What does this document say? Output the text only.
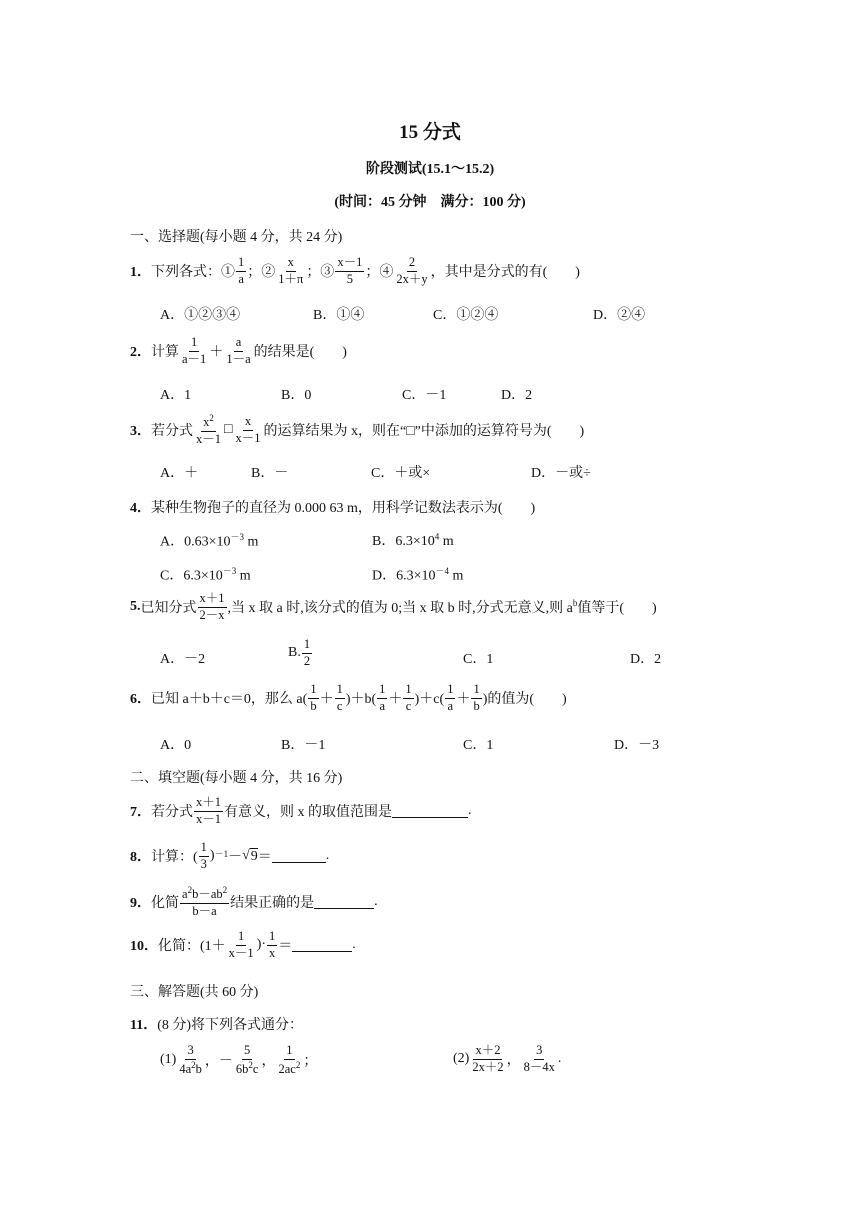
15 分式
阶段测试(15.1～15.2)
(时间：45 分钟　满分：100 分)
一、选择题(每小题 4 分，共 24 分)
1． 下列各式：① $\frac{1}{a}$ ；② $\frac{x}{1+\pi}$ ；③ $\frac{x-1}{5}$ ；④ $\frac{2}{2x+y}$ ，其中是分式的有(　　)
A．①②③④	B．①④	C．①②④	D．②④
2． 计算 $\frac{1}{a-1} + \frac{a}{1-a}$ 的结果是(　　)
A．1	B．0	C．－1	D．2
3． 若分式 $\frac{x^2}{x-1}$ □ $\frac{x}{x-1}$ 的运算结果为 x，则在“□”中添加的运算符号为(　　)
A．＋	B．－	C．＋或×	D．－或÷
4．某种生物孢子的直径为 0.000 63 m，用科学记数法表示为(　　)
A．$0.63\times 10^{-3}$ m	B．$6.3\times 10^4$ m
C．$6.3\times 10^{-3}$ m	D．$6.3\times 10^{-4}$ m
5. 已知分式 $\frac{x+1}{2-x}$ ,当 x 取 a 时,该分式的值为 0;当 x 取 b 时,分式无意义,则 $a^b$ 值等于(　　)
A．－2	B. $\frac{1}{2}$	C．1	D．2
6． 已知 a＋b＋c＝0，那么 $a( \frac{1}{b} + \frac{1}{c} )+b( \frac{1}{a} + \frac{1}{c} )+c( \frac{1}{a} + \frac{1}{b}$ )的值为(　　)
A．0	B．－1	C．1	D．－3
二、填空题(每小题 4 分，共 16 分)
7． 若分式 $\frac{x+1}{x-1}$ 有意义，则 x 的取值范围是	.
8． 计算：( $\frac{1}{3}$ ) －1 － √ 9 ＝	.
9． 化简 $\frac{a^2b-ab^2}{b-a}$ 结果正确的是	.
10． 化简：($1+ \frac{1}{x-1}$ )· $\frac{1}{x}$ ＝	.
三、解答题(共 60 分)
11．(8 分)将下列各式通分：
$(1) \frac{3}{4a^2b}$ ，－ $\frac{5}{6b^2c}$ ， $\frac{1}{2ac^2}$ ；	$(2) \frac{x+2}{2x+2}$ ， $\frac{3}{8-4x}$ .
